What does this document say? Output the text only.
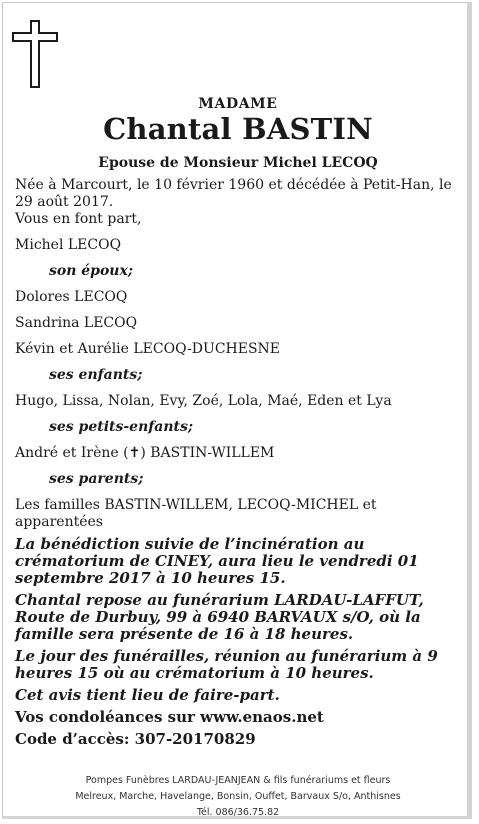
MADAME
Chantal BASTIN
Epouse de Monsieur Michel LECOQ

Née à Marcourt, le 10 février 1960 et décédée à Petit-Han, le 29 août 2017.

Vous en font part,

Michel LECOQ

son époux;

Dolores LECOQ

Sandrina LECOQ

Kévin et Aurélie LECOQ-DUCHESNE

ses enfants;

Hugo, Lissa, Nolan, Evy, Zoé, Lola, Maé, Eden et Lya

ses petits-enfants;

André et Irène (✝) BASTIN-WILLEM

ses parents;

Les familles BASTIN-WILLEM, LECOQ-MICHEL et apparentées

La bénédiction suivie de l’incinération au crématorium de CINEY, aura lieu le vendredi 01 septembre 2017 à 10 heures 15.

Chantal repose au funérarium LARDAU-LAFFUT, Route de Durbuy, 99 à 6940 BARVAUX s/O, où la famille sera présente de 16 à 18 heures.

Le jour des funérailles, réunion au funérarium à 9 heures 15 où au crématorium à 10 heures.

Cet avis tient lieu de faire-part.

Vos condoléances sur www.enaos.net

Code d’accès: 307-20170829

Pompes Funèbres LARDAU-JEANJEAN & fils funérariums et fleurs
Melreux, Marche, Havelange, Bonsin, Ouffet, Barvaux S/o, Anthisnes
Tél. 086/36.75.82
